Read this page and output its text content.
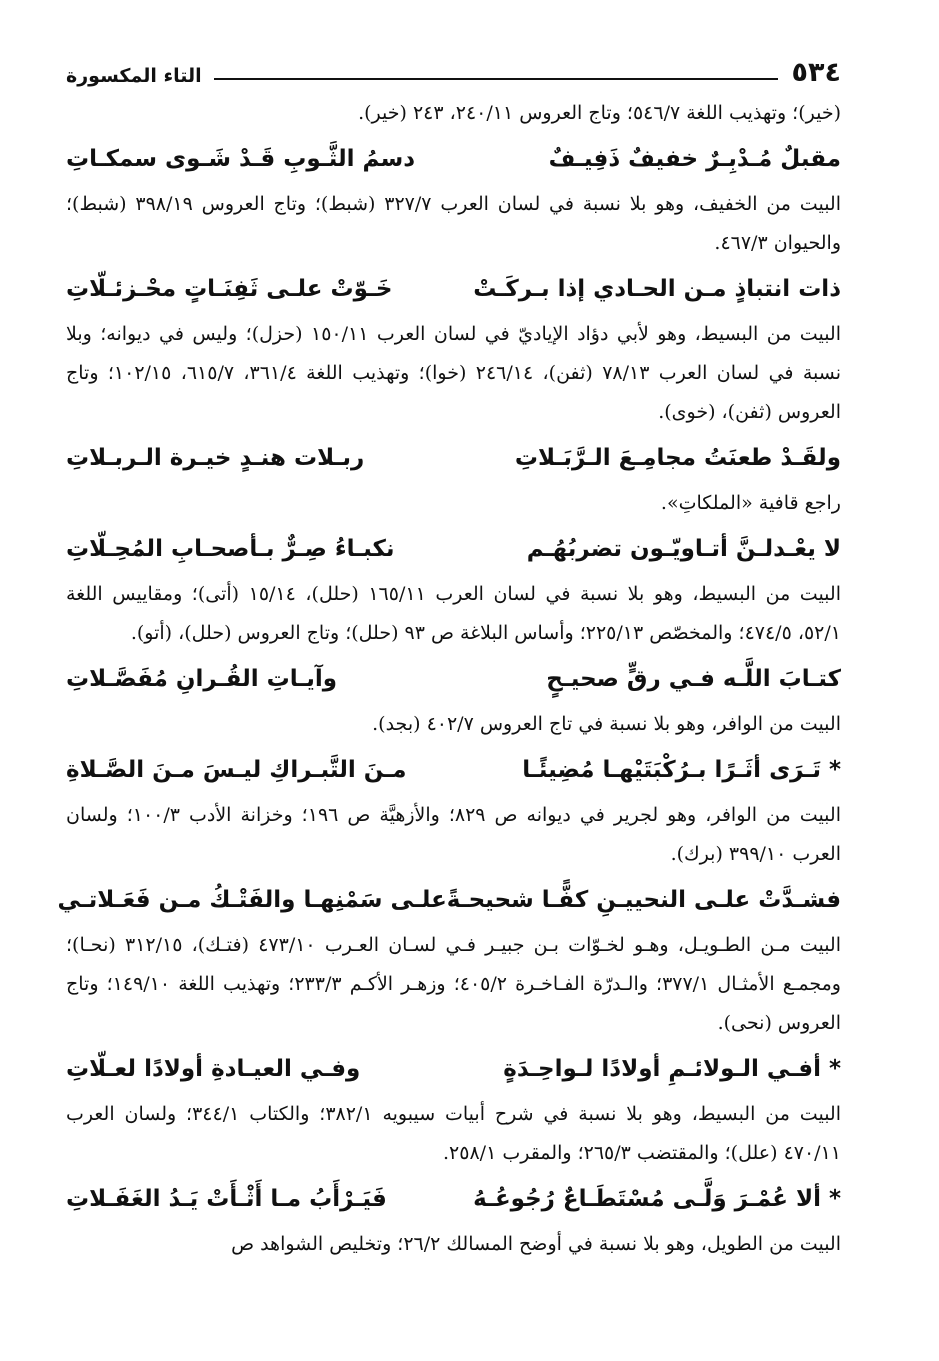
٥٣٤
التاء المكسورة

(خير)؛ وتهذيب اللغة ٥٤٦/٧؛ وتاج العروس ٢٤٠/١١، ٢٤٣ (خير).

مقبلٌ مُـدْبِـرٌ خفيفٌ ذَفِيـفٌ
دسمُ الثَّـوبِ قَـدْ شَـوى سمكـاتِ

البيت من الخفيف، وهو بلا نسبة في لسان العرب ٣٢٧/٧ (شبط)؛ وتاج العروس ٣٩٨/١٩ (شبط)؛ والحيوان ٤٦٧/٣.

ذات انتباذٍ مـن الحـادي إذا بـركَـتْ
خَـوّتْ علـى ثَفِنَـاتٍ محْـزئـلّاتِ

البيت من البسيط، وهو لأبي دؤاد الإياديّ في لسان العرب ١٥٠/١١ (حزل)؛ وليس في ديوانه؛ وبلا نسبة في لسان العرب ٧٨/١٣ (ثفن)، ٢٤٦/١٤ (خوا)؛ وتهذيب اللغة ٣٦١/٤، ٦١٥/٧، ١٠٢/١٥؛ وتاج العروس (ثفن)، (خوى).

ولقَـدْ طعنَتُ مجامِـعَ الـرَّبَـلاتِ
ربـلات هنـدٍ خيـرة الـربـلاتِ

راجع قافية «الملكاتِ».

لا يعْـدلـنَّ أتـاويّـون تضربُهُـم
نكبـاءُ صِـرٌّ بـأصحـابِ المُحِـلّاتِ

البيت من البسيط، وهو بلا نسبة في لسان العرب ١٦٥/١١ (حلل)، ١٥/١٤ (أتى)؛ ومقاييس اللغة ٥٢/١، ٤٧٤/٥؛ والمخصّص ٢٢٥/١٣؛ وأساس البلاغة ص ٩٣ (حلل)؛ وتاج العروس (حلل)، (أتو).

كتـابَ اللَّـه فـي رقٍّ صحيـحٍ
وآيـاتِ القُـرانِ مُفَصَّـلاتِ

البيت من الوافر، وهو بلا نسبة في تاج العروس ٤٠٢/٧ (بجد).

* تَـرَى أثَـرًا بـرُكْبَتَيْهـا مُضِيئًـا
مـنَ التَّبـراكِ ليـسَ مـنَ الصَّـلاةِ

البيت من الوافر، وهو لجرير في ديوانه ص ٨٢٩؛ والأزهيَّة ص ١٩٦؛ وخزانة الأدب ١٠٠/٣؛ ولسان العرب ٣٩٩/١٠ (برك).

فشـدَّتْ علـى النحييـنِ كفًّـا شحيحـةً
علـى سَمْنِهـا والفَتْـكُ مـن فَعَـلاتـي

البيت مـن الطـويـل، وهـو لخـوّات بـن جبيـر فـي لسـان العـرب ٤٧٣/١٠ (فتـك)، ٣١٢/١٥ (نحـا)؛ ومجمـع الأمثـال ٣٧٧/١؛ والـدرّة الفـاخـرة ٤٠٥/٢؛ وزهـر الأكـم ٢٣٣/٣؛ وتهذيب اللغة ١٤٩/١٠؛ وتاج العروس (نحى).

* أفـي الـولائـمِ أولادًا لـواحِـدَةٍ
وفـي العيـادةِ أولادًا لعـلّاتِ

البيت من البسيط، وهو بلا نسبة في شرح أبيات سيبويه ٣٨٢/١؛ والكتاب ٣٤٤/١؛ ولسان العرب ٤٧٠/١١ (علل)؛ والمقتضب ٢٦٥/٣؛ والمقرب ٢٥٨/١.

* ألا عُمْـرَ وَلَّـى مُسْتَطَـاعٌ رُجُوعُـهُ
فَيَـرْأَبُ مـا أَثْـأَتْ يَـدُ الغَفَـلاتِ

البيت من الطويل، وهو بلا نسبة في أوضح المسالك ٢٦/٢؛ وتخليص الشواهد ص
